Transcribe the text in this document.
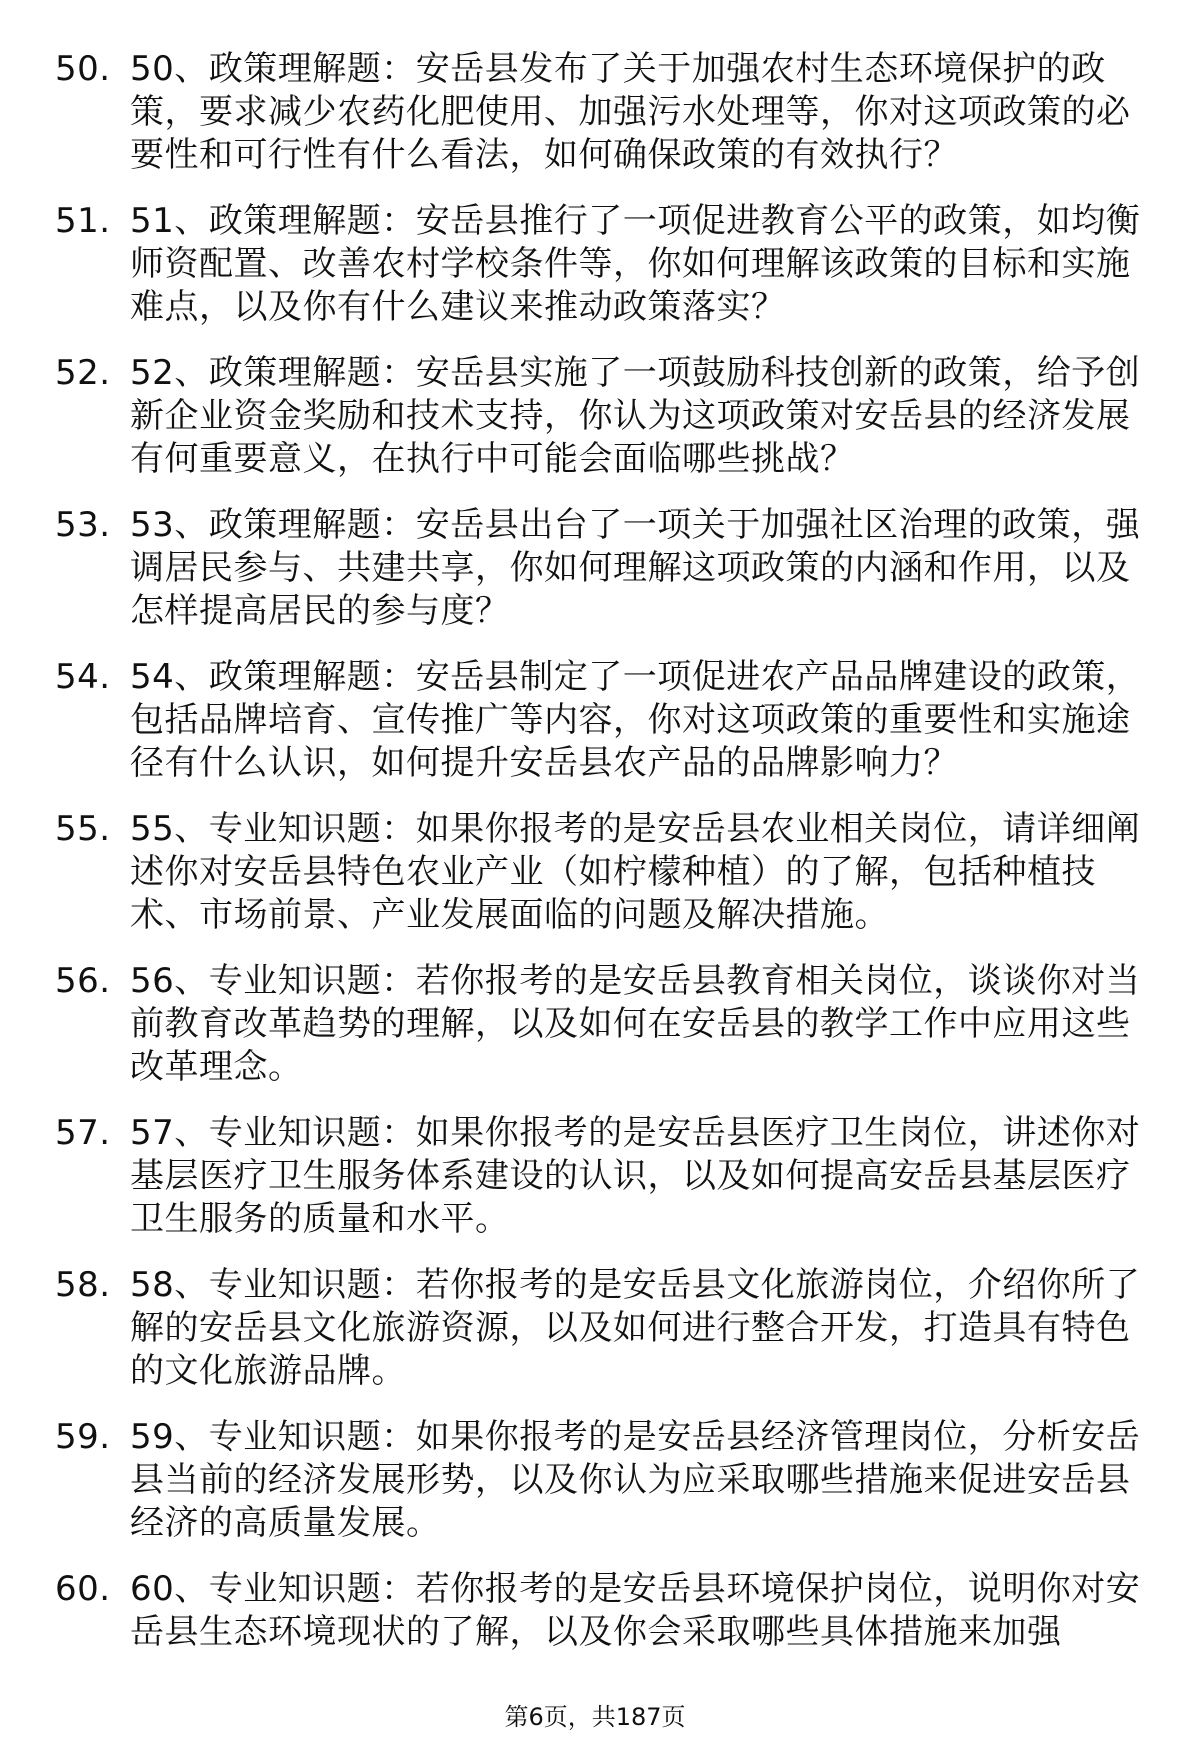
50. 50、政策理解题：安岳县发布了关于加强农村生态环境保护的政策，要求减少农药化肥使用、加强污水处理等，你对这项政策的必要性和可行性有什么看法，如何确保政策的有效执行？
51. 51、政策理解题：安岳县推行了一项促进教育公平的政策，如均衡师资配置、改善农村学校条件等，你如何理解该政策的目标和实施难点，以及你有什么建议来推动政策落实？
52. 52、政策理解题：安岳县实施了一项鼓励科技创新的政策，给予创新企业资金奖励和技术支持，你认为这项政策对安岳县的经济发展有何重要意义，在执行中可能会面临哪些挑战？
53. 53、政策理解题：安岳县出台了一项关于加强社区治理的政策，强调居民参与、共建共享，你如何理解这项政策的内涵和作用，以及怎样提高居民的参与度？
54. 54、政策理解题：安岳县制定了一项促进农产品品牌建设的政策，包括品牌培育、宣传推广等内容，你对这项政策的重要性和实施途径有什么认识，如何提升安岳县农产品的品牌影响力？
55. 55、专业知识题：如果你报考的是安岳县农业相关岗位，请详细阐述你对安岳县特色农业产业（如柠檬种植）的了解，包括种植技术、市场前景、产业发展面临的问题及解决措施。
56. 56、专业知识题：若你报考的是安岳县教育相关岗位，谈谈你对当前教育改革趋势的理解，以及如何在安岳县的教学工作中应用这些改革理念。
57. 57、专业知识题：如果你报考的是安岳县医疗卫生岗位，讲述你对基层医疗卫生服务体系建设的认识，以及如何提高安岳县基层医疗卫生服务的质量和水平。
58. 58、专业知识题：若你报考的是安岳县文化旅游岗位，介绍你所了解的安岳县文化旅游资源，以及如何进行整合开发，打造具有特色的文化旅游品牌。
59. 59、专业知识题：如果你报考的是安岳县经济管理岗位，分析安岳县当前的经济发展形势，以及你认为应采取哪些措施来促进安岳县经济的高质量发展。
60. 60、专业知识题：若你报考的是安岳县环境保护岗位，说明你对安岳县生态环境现状的了解，以及你会采取哪些具体措施来加强
第6页，共187页
